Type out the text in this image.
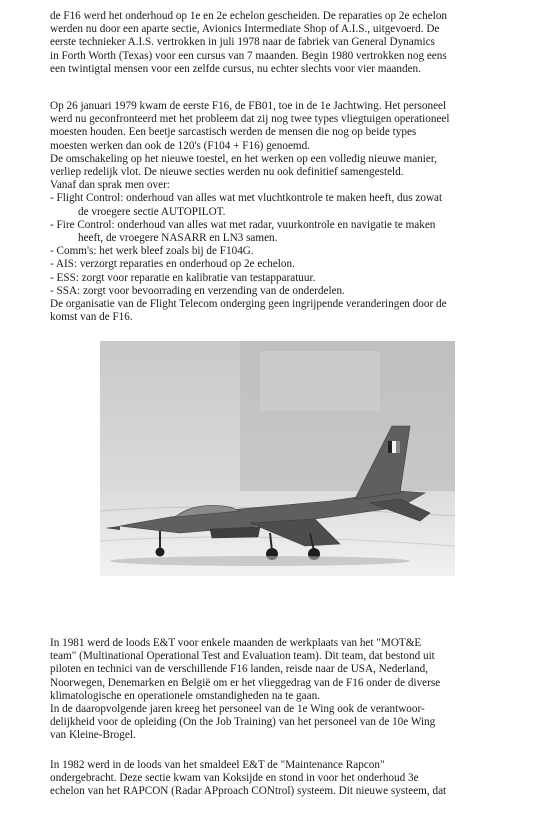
de F16 werd het onderhoud op 1e en 2e echelon gescheiden. De reparaties op 2e echelon
werden nu door een aparte sectie, Avionics Intermediate Shop of A.I.S., uitgevoerd. De
eerste technieker A.I.S. vertrokken in juli 1978 naar de fabriek van General Dynamics
in Forth Worth (Texas) voor een cursus van 7 maanden. Begin 1980 vertrokken nog eens
een twintigtal mensen voor een zelfde cursus, nu echter slechts voor vier maanden.
Op 26 januari 1979 kwam de eerste F16, de FB01, toe in de 1e Jachtwing. Het personeel
werd nu geconfronteerd met het probleem dat zij nog twee types vliegtuigen operationeel
moesten houden. Een beetje sarcastisch werden de mensen die nog op beide types
moesten werken dan ook de 120's (F104 + F16) genoemd.
De omschakeling op het nieuwe toestel, en het werken op een volledig nieuwe manier,
verliep redelijk vlot. De nieuwe secties werden nu ook definitief samengesteld.
Vanaf dan sprak men over:
- Flight Control: onderhoud van alles wat met vluchtkontrole te maken heeft, dus zowat
de vroegere sectie AUTOPILOT.
- Fire Control: onderhoud van alles wat met radar, vuurkontrole en navigatie te maken
heeft, de vroegere NASARR en LN3 samen.
- Comm's: het werk bleef zoals bij de F104G.
- AIS: verzorgt reparaties en onderhoud op 2e echelon.
- ESS: zorgt voor reparatie en kalibratie van testapparatuur.
- SSA: zorgt voor bevoorrading en verzending van de onderdelen.
De organisatie van de Flight Telecom onderging geen ingrijpende veranderingen door de
komst van de F16.
In 1981 werd de loods E&T voor enkele maanden de werkplaats van het "MOT&E
team" (Multinational Operational Test and Evaluation team). Dit team, dat bestond uit
piloten en technici van de verschillende F16 landen, reisde naar de USA, Nederland,
Noorwegen, Denemarken en België om er het vlieggedrag van de F16 onder de diverse
klimatologische en operationele omstandigheden na te gaan.
In de daaropvolgende jaren kreeg het personeel van de 1e Wing ook de verantwoor-
delijkheid voor de opleiding (On the Job Training) van het personeel van de 10e Wing
van Kleine-Brogel.
In 1982 werd in de loods van het smaldeel E&T de "Maintenance Rapcon"
ondergebracht. Deze sectie kwam van Koksijde en stond in voor het onderhoud 3e
echelon van het RAPCON (Radar APproach CONtrol) systeem. Dit nieuwe systeem, dat
